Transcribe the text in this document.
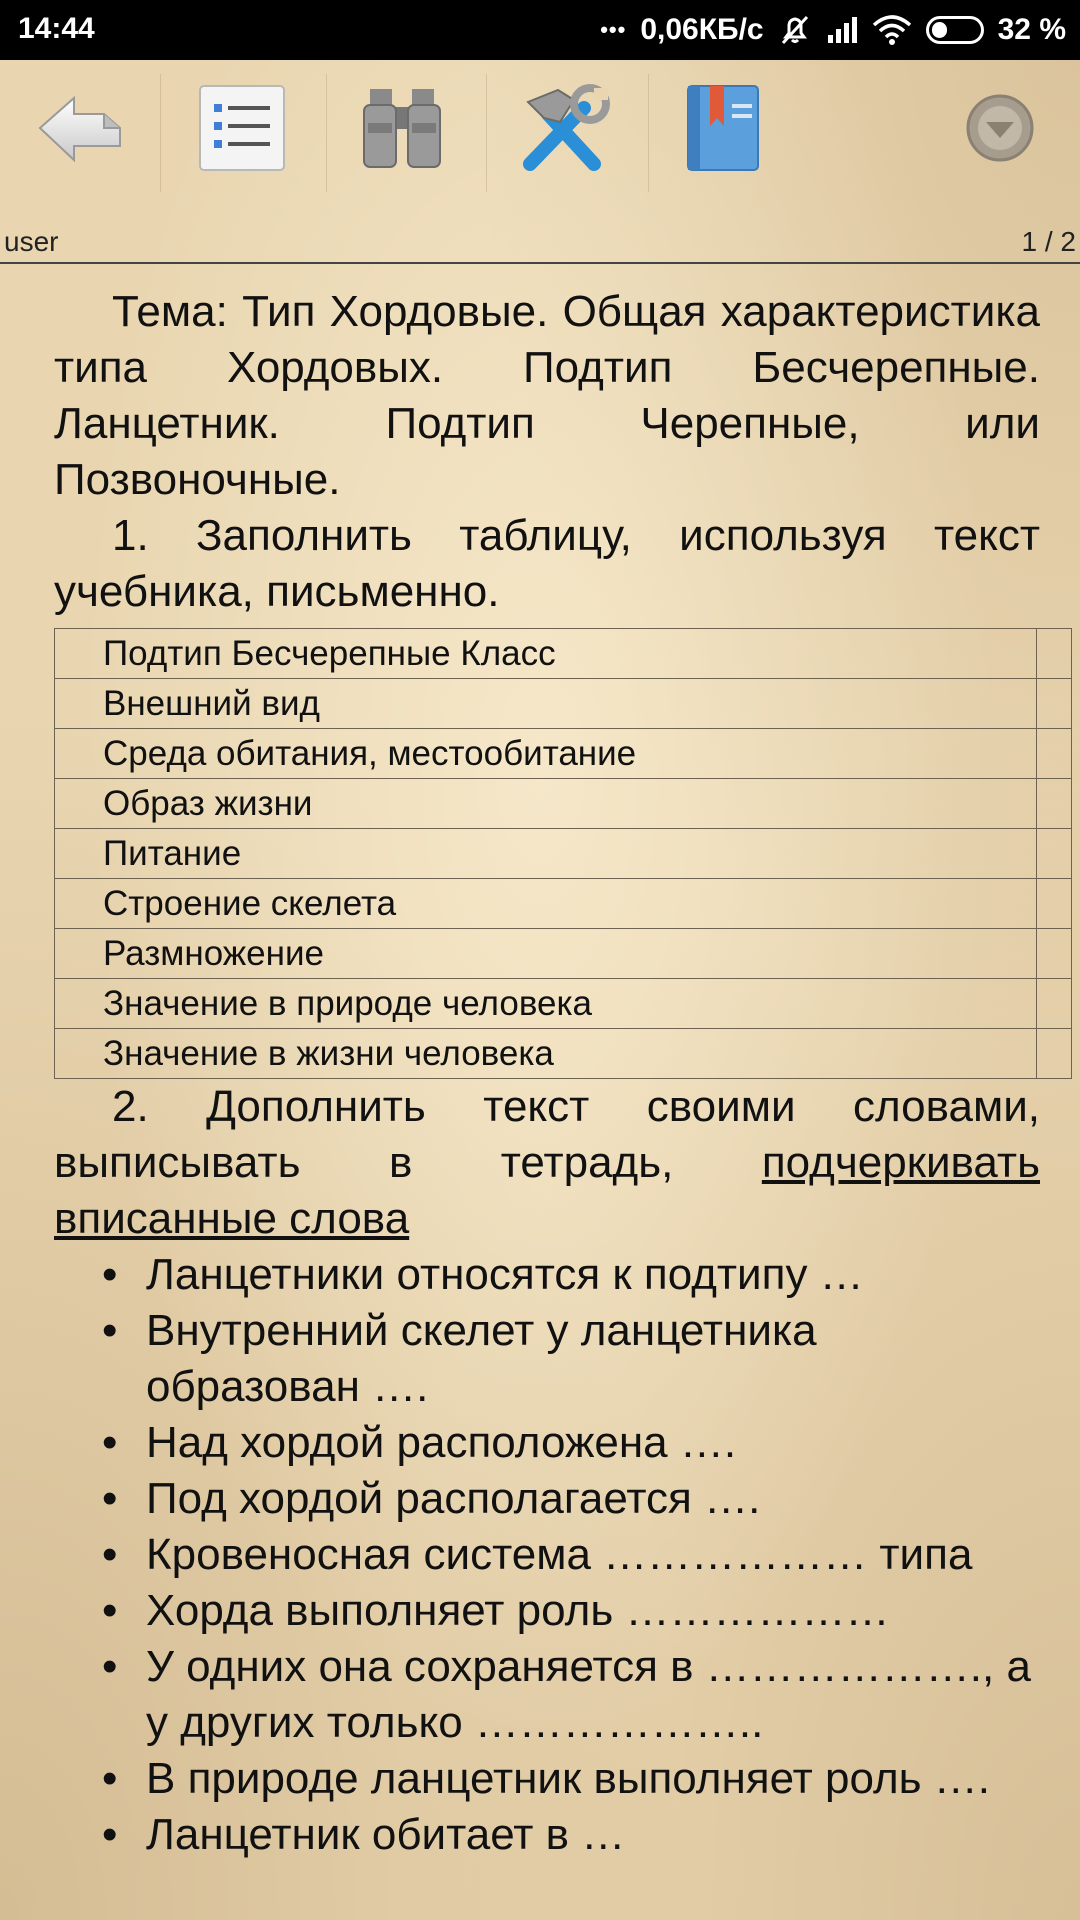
14:44	••• 0,06КБ/с	32 %
user	1 / 2

Тема: Тип Хордовые. Общая характеристика типа Хордовых. Подтип Бесчерепные. Ланцетник. Подтип Черепные, или Позвоночные.

1. Заполнить таблицу, используя текст учебника, письменно.

Подтип Бесчерепные Класс	
Внешний вид	
Среда обитания, местообитание	
Образ жизни	
Питание	
Строение скелета	
Размножение	
Значение в природе человека	
Значение в жизни человека	

2. Дополнить текст своими словами, выписывать в тетрадь, подчеркивать вписанные слова

• Ланцетники относятся к подтипу …
• Внутренний скелет у ланцетника образован ….
• Над хордой расположена ….
• Под хордой располагается ….
• Кровеносная система ……………… типа
• Хорда выполняет роль ………………
• У одних она сохраняется в ………………., а у других только ………………..
• В природе ланцетник выполняет роль ….
• Ланцетник обитает в …
